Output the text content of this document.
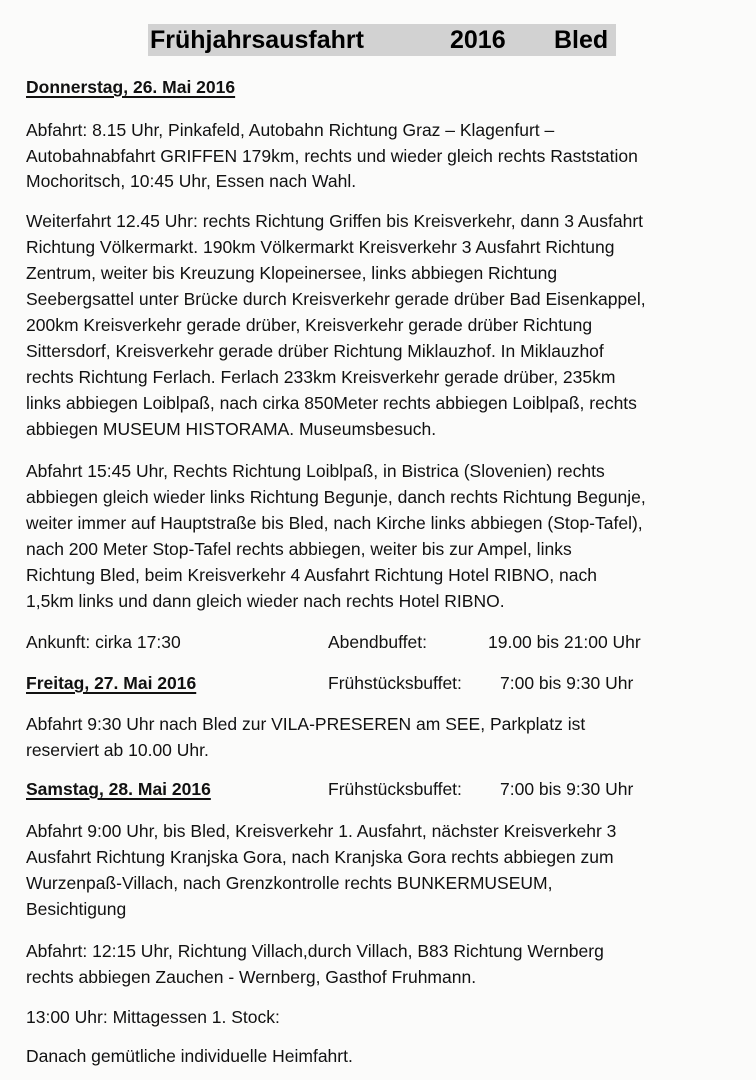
Frühjahrsausfahrt	2016 Bled
Donnerstag, 26. Mai 2016
Abfahrt: 8.15 Uhr, Pinkafeld, Autobahn Richtung Graz – Klagenfurt –
Autobahnabfahrt GRIFFEN 179km, rechts und wieder gleich rechts Raststation
Mochoritsch, 10:45 Uhr, Essen nach Wahl.
Weiterfahrt 12.45 Uhr: rechts Richtung Griffen bis Kreisverkehr, dann 3 Ausfahrt
Richtung Völkermarkt. 190km Völkermarkt Kreisverkehr 3 Ausfahrt Richtung
Zentrum, weiter bis Kreuzung Klopeinersee, links abbiegen Richtung
Seebergsattel unter Brücke durch Kreisverkehr gerade drüber Bad Eisenkappel,
200km Kreisverkehr gerade drüber, Kreisverkehr gerade drüber Richtung
Sittersdorf, Kreisverkehr gerade drüber Richtung Miklauzhof. In Miklauzhof
rechts Richtung Ferlach. Ferlach 233km Kreisverkehr gerade drüber, 235km
links abbiegen Loiblpaß, nach cirka 850Meter rechts abbiegen Loiblpaß, rechts
abbiegen MUSEUM HISTORAMA. Museumsbesuch.
Abfahrt 15:45 Uhr, Rechts Richtung Loiblpaß, in Bistrica (Slovenien) rechts
abbiegen gleich wieder links Richtung Begunje, danch rechts Richtung Begunje,
weiter immer auf Hauptstraße bis Bled, nach Kirche links abbiegen (Stop-Tafel),
nach 200 Meter Stop-Tafel rechts abbiegen, weiter bis zur Ampel, links
Richtung Bled, beim Kreisverkehr 4 Ausfahrt Richtung Hotel RIBNO, nach
1,5km links und dann gleich wieder nach rechts Hotel RIBNO.
Ankunft: cirka 17:30	Abendbuffet:	19.00 bis 21:00 Uhr
Freitag, 27. Mai 2016	Frühstücksbuffet: 7:00 bis 9:30 Uhr
Abfahrt 9:30 Uhr nach Bled zur VILA-PRESEREN am SEE, Parkplatz ist
reserviert ab 10.00 Uhr.
Samstag, 28. Mai 2016	Frühstücksbuffet: 7:00 bis 9:30 Uhr
Abfahrt 9:00 Uhr, bis Bled, Kreisverkehr 1. Ausfahrt, nächster Kreisverkehr 3
Ausfahrt Richtung Kranjska Gora, nach Kranjska Gora rechts abbiegen zum
Wurzenpaß-Villach, nach Grenzkontrolle rechts BUNKERMUSEUM,
Besichtigung
Abfahrt: 12:15 Uhr, Richtung Villach,durch Villach, B83 Richtung Wernberg
rechts abbiegen Zauchen - Wernberg, Gasthof Fruhmann.
13:00 Uhr: Mittagessen 1. Stock:
Danach gemütliche individuelle Heimfahrt.
